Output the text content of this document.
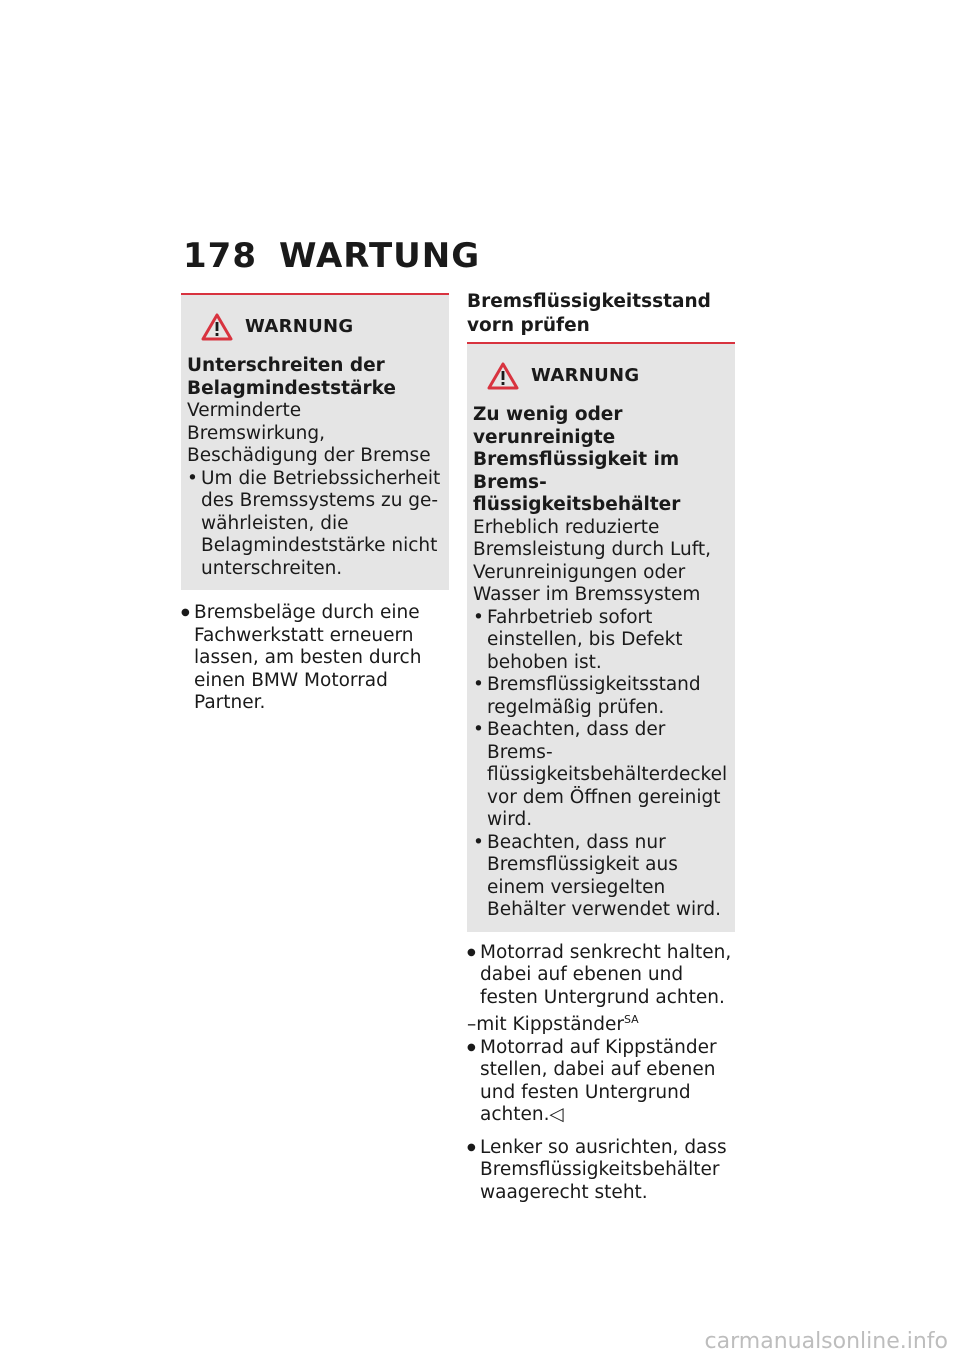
178 WARTUNG
WARNUNG
Unterschreiten der Belagmindeststärke
Verminderte Bremswirkung, Beschädigung der Bremse
• Um die Betriebssicherheit des Bremssystems zu gewährleisten, die Belagmindeststärke nicht unterschreiten.
● Bremsbeläge durch eine Fachwerkstatt erneuern lassen, am besten durch einen BMW Motorrad Partner.
Bremsflüssigkeitsstand vorn prüfen
WARNUNG
Zu wenig oder verunreinigte Bremsflüssigkeit im Bremsflüssigkeitsbehälter
Erheblich reduzierte Bremsleistung durch Luft, Verunreinigungen oder Wasser im Bremssystem
• Fahrbetrieb sofort einstellen, bis Defekt behoben ist.
• Bremsflüssigkeitsstand regelmäßig prüfen.
• Beachten, dass der Bremsflüssigkeitsbehälterdeckel vor dem Öffnen gereinigt wird.
• Beachten, dass nur Bremsflüssigkeit aus einem versiegelten Behälter verwendet wird.
● Motorrad senkrecht halten, dabei auf ebenen und festen Untergrund achten.
–mit Kippständer$^{SA}$
● Motorrad auf Kippständer stellen, dabei auf ebenen und festen Untergrund achten.◁
● Lenker so ausrichten, dass Bremsflüssigkeitsbehälter waagerecht steht.
carmanualsonline.info
